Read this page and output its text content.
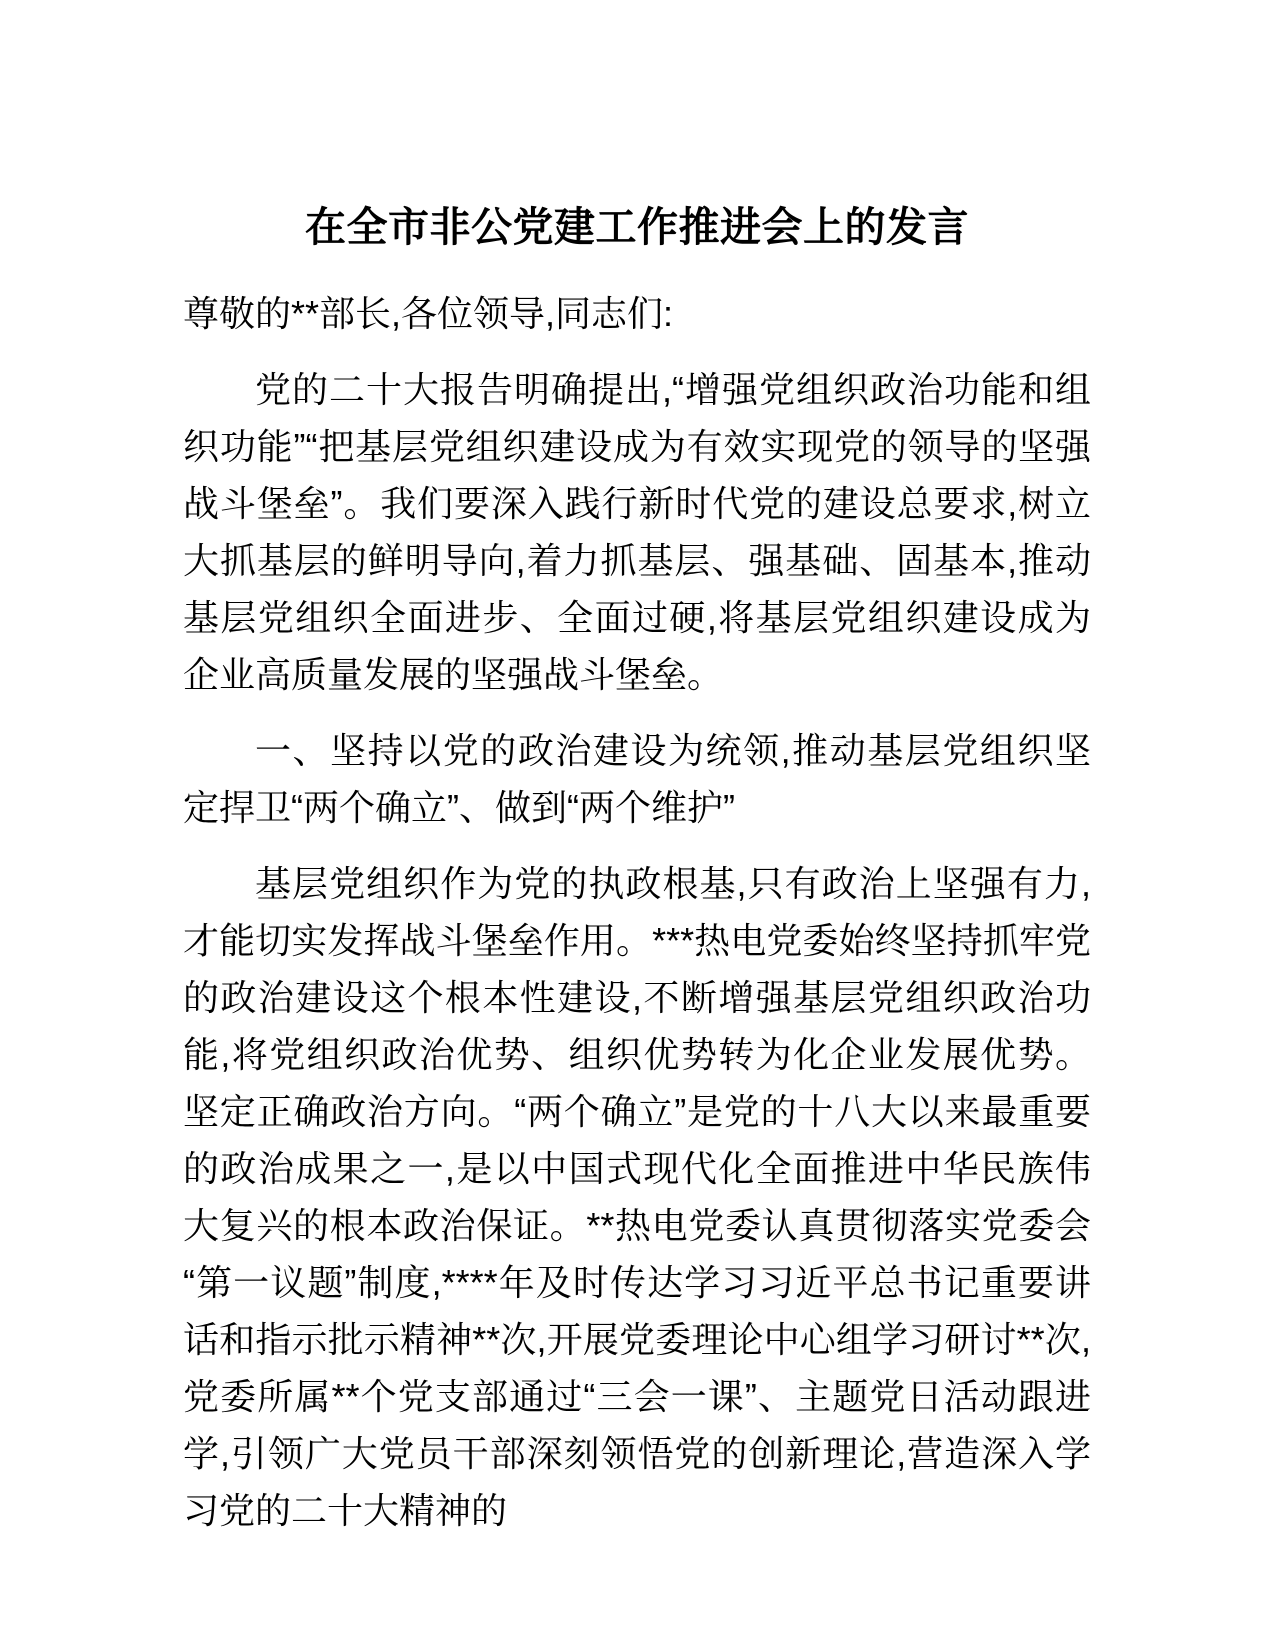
在全市非公党建工作推进会上的发言

尊敬的**部长,各位领导,同志们:

党的二十大报告明确提出,“增强党组织政治功能和组织功能”“把基层党组织建设成为有效实现党的领导的坚强战斗堡垒”。我们要深入践行新时代党的建设总要求,树立大抓基层的鲜明导向,着力抓基层、强基础、固基本,推动基层党组织全面进步、全面过硬,将基层党组织建设成为企业高质量发展的坚强战斗堡垒。

一、坚持以党的政治建设为统领,推动基层党组织坚定捍卫“两个确立”、做到“两个维护”

基层党组织作为党的执政根基,只有政治上坚强有力,才能切实发挥战斗堡垒作用。***热电党委始终坚持抓牢党的政治建设这个根本性建设,不断增强基层党组织政治功能,将党组织政治优势、组织优势转为化企业发展优势。坚定正确政治方向。“两个确立”是党的十八大以来最重要的政治成果之一,是以中国式现代化全面推进中华民族伟大复兴的根本政治保证。**热电党委认真贯彻落实党委会“第一议题”制度,****年及时传达学习习近平总书记重要讲话和指示批示精神**次,开展党委理论中心组学习研讨**次,党委所属**个党支部通过“三会一课”、主题党日活动跟进学,引领广大党员干部深刻领悟党的创新理论,营造深入学习党的二十大精神的
